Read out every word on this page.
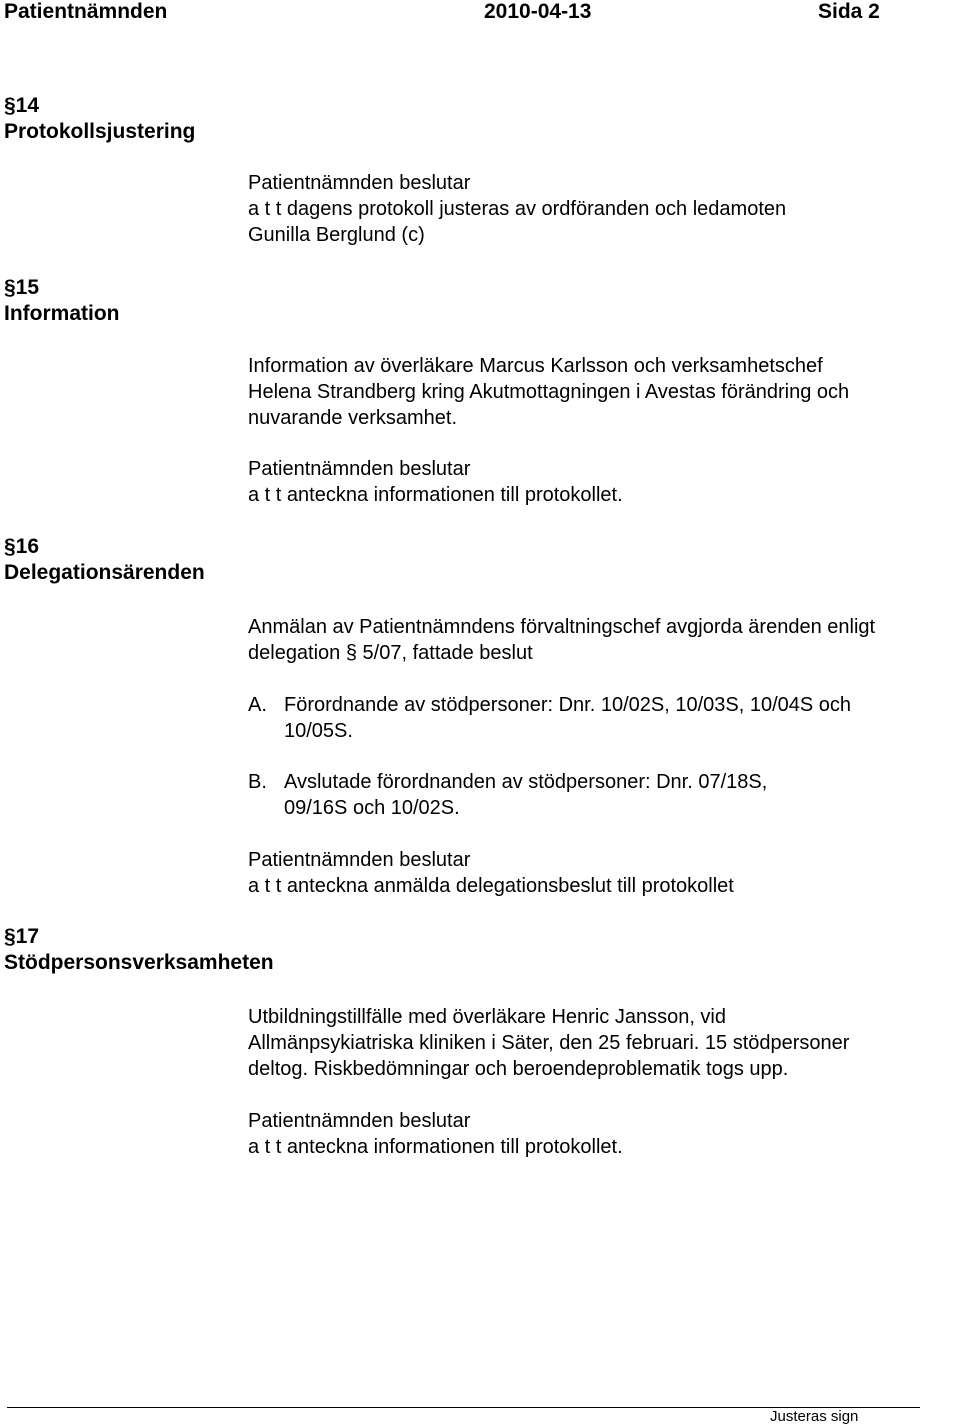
Patientnämnden	2010-04-13	Sida 2
§14
Protokollsjustering
Patientnämnden beslutar
a t t dagens protokoll justeras av ordföranden och ledamoten
Gunilla Berglund (c)
§15
Information
Information av överläkare Marcus Karlsson och verksamhetschef
Helena Strandberg kring Akutmottagningen i Avestas förändring och
nuvarande verksamhet.
Patientnämnden beslutar
a t t anteckna informationen till protokollet.
§16
Delegationsärenden
Anmälan av Patientnämndens förvaltningschef avgjorda ärenden enligt
delegation § 5/07, fattade beslut
A. Förordnande av stödpersoner: Dnr. 10/02S, 10/03S, 10/04S och
10/05S.
B. Avslutade förordnanden av stödpersoner: Dnr. 07/18S,
09/16S och 10/02S.
Patientnämnden beslutar
a t t anteckna anmälda delegationsbeslut till protokollet
§17
Stödpersonsverksamheten
Utbildningstillfälle med överläkare Henric Jansson, vid
Allmänpsykiatriska kliniken i Säter, den 25 februari. 15 stödpersoner
deltog. Riskbedömningar och beroendeproblematik togs upp.
Patientnämnden beslutar
a t t anteckna informationen till protokollet.
Justeras sign
